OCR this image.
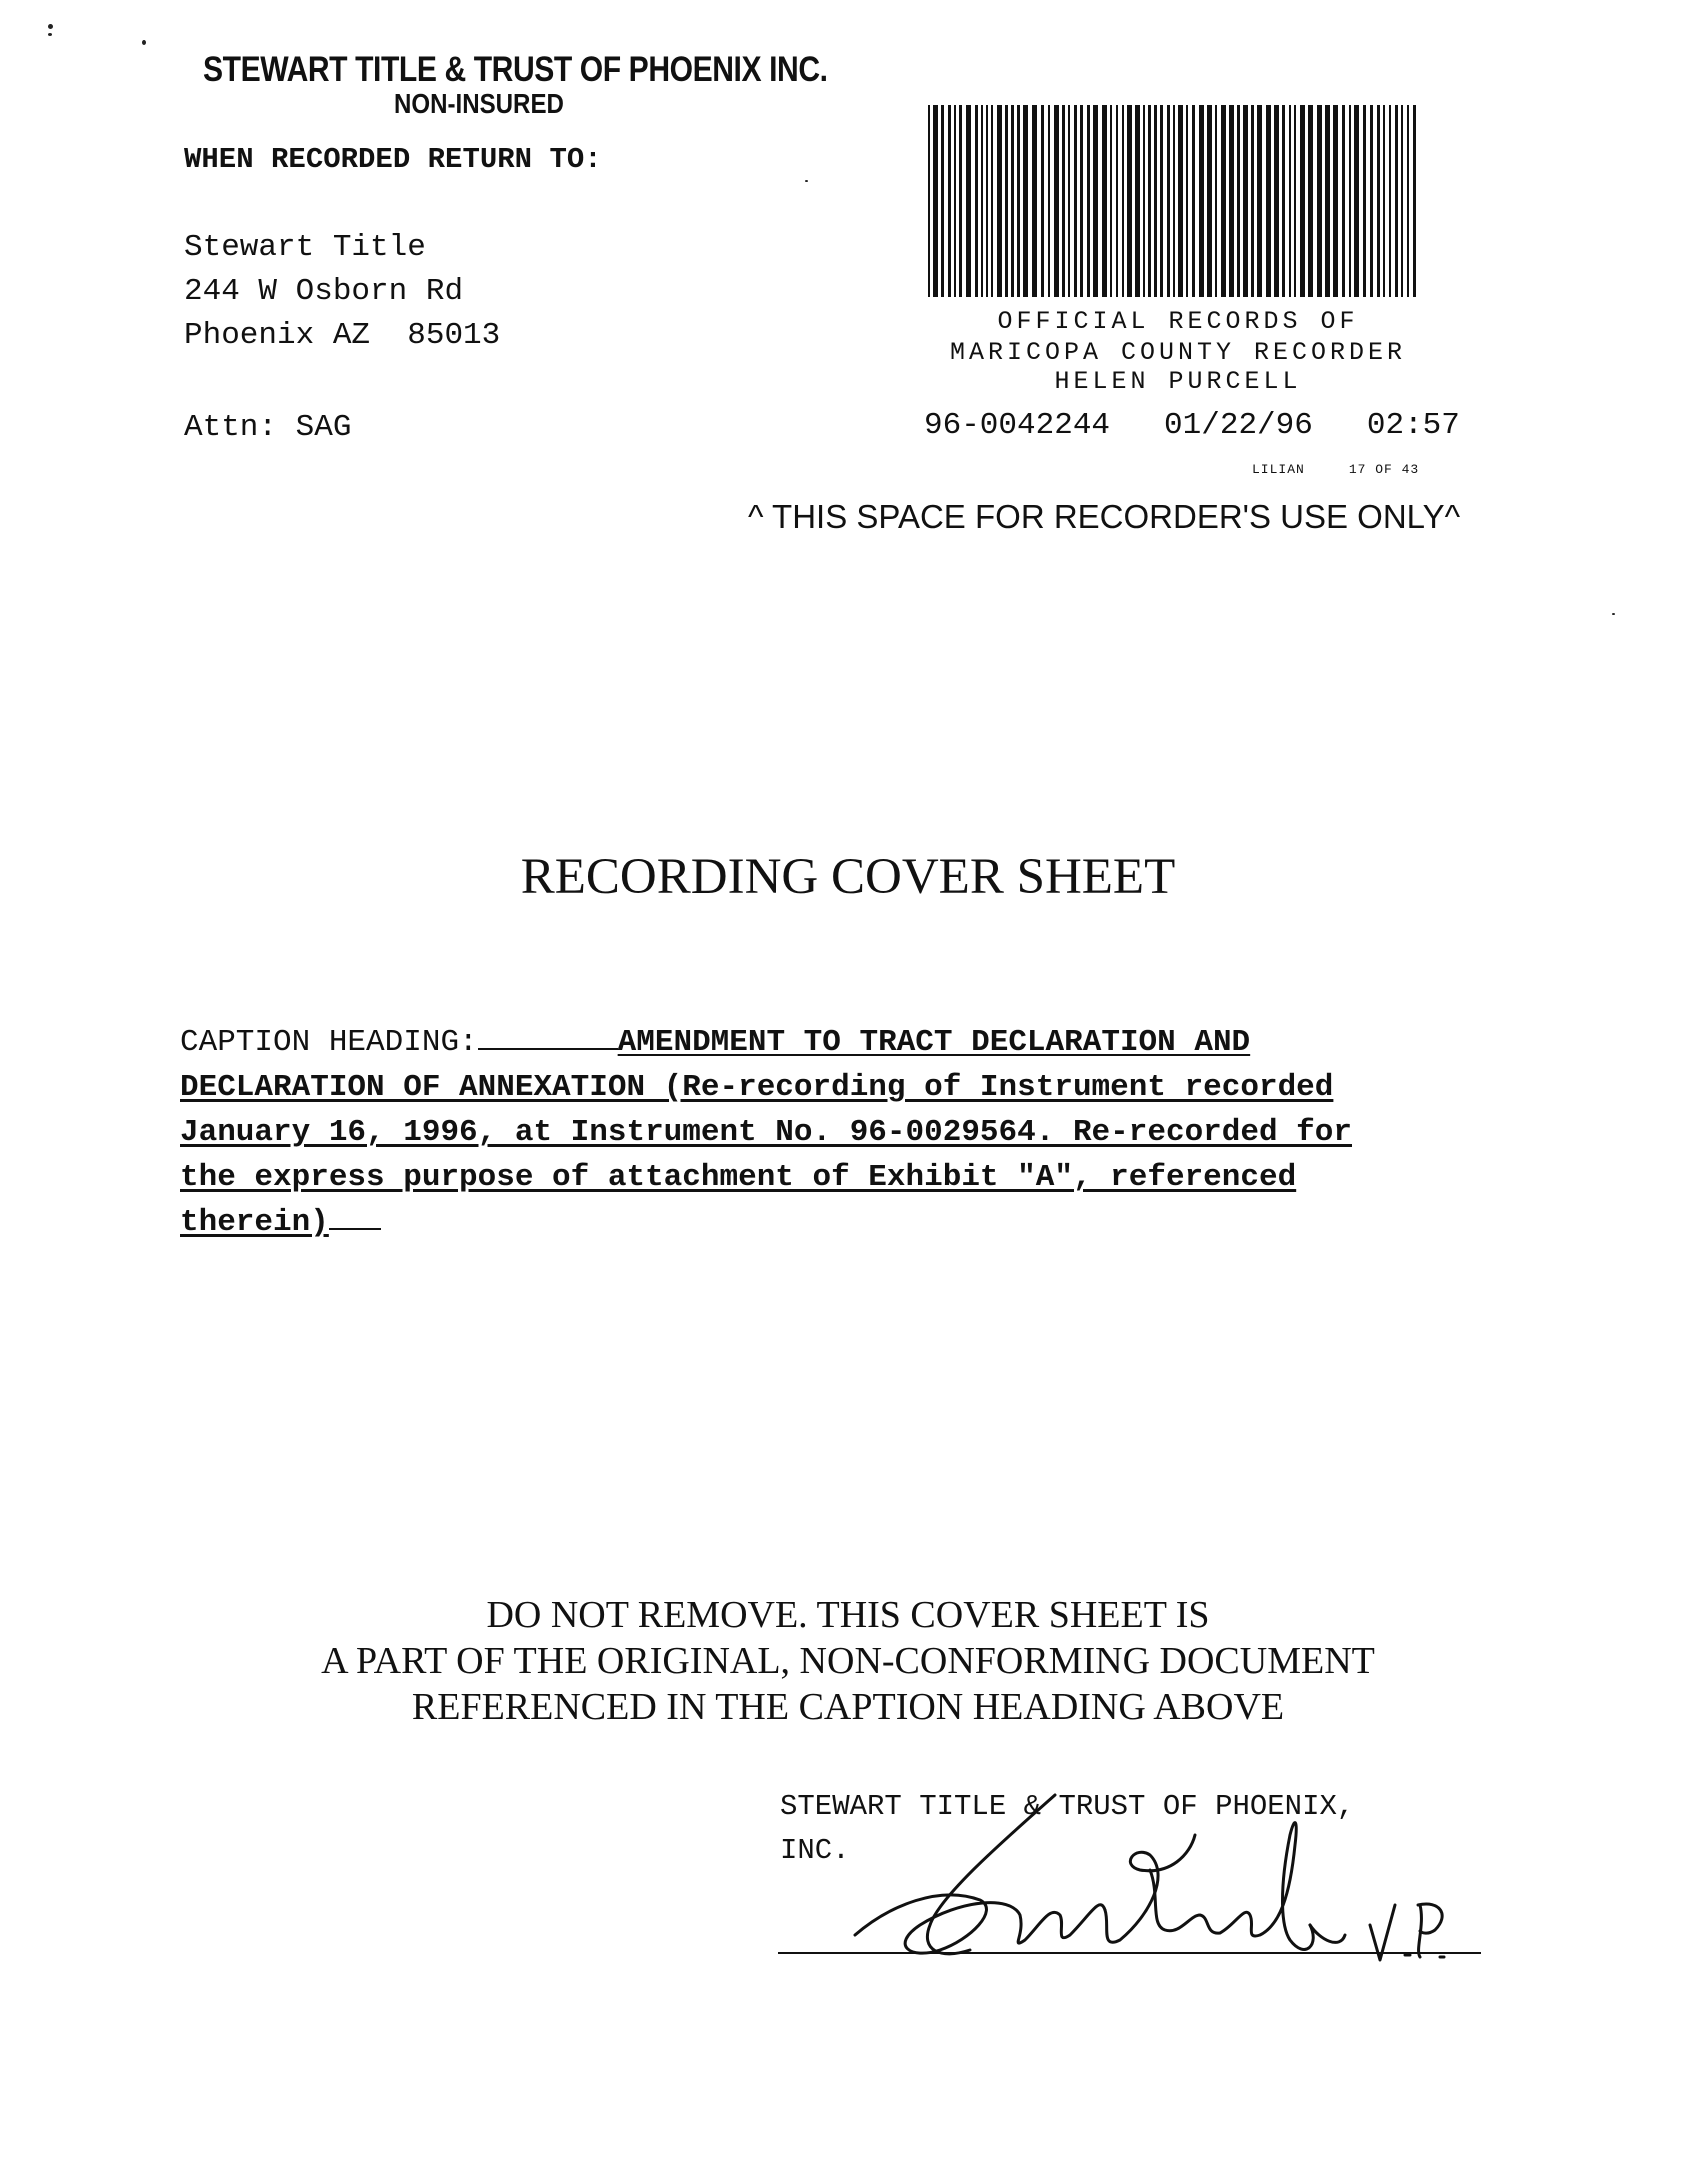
STEWART TITLE & TRUST OF PHOENIX INC.
NON-INSURED
WHEN RECORDED RETURN TO:
Stewart Title
244 W Osborn Rd
Phoenix AZ  85013
Attn: SAG
OFFICIAL RECORDS OF
MARICOPA COUNTY RECORDER
HELEN PURCELL
96-0042244 01/22/96 02:57
LILIAN	17 OF 43
^ THIS SPACE FOR RECORDER'S USE ONLY^
RECORDING COVER SHEET
CAPTION HEADING:	AMENDMENT TO TRACT DECLARATION AND
DECLARATION OF ANNEXATION (Re-recording of Instrument recorded
January 16, 1996, at Instrument No. 96-0029564. Re-recorded for
the express purpose of attachment of Exhibit "A", referenced
therein)
DO NOT REMOVE. THIS COVER SHEET IS
A PART OF THE ORIGINAL, NON-CONFORMING DOCUMENT
REFERENCED IN THE CAPTION HEADING ABOVE
STEWART TITLE & TRUST OF PHOENIX,
INC.
